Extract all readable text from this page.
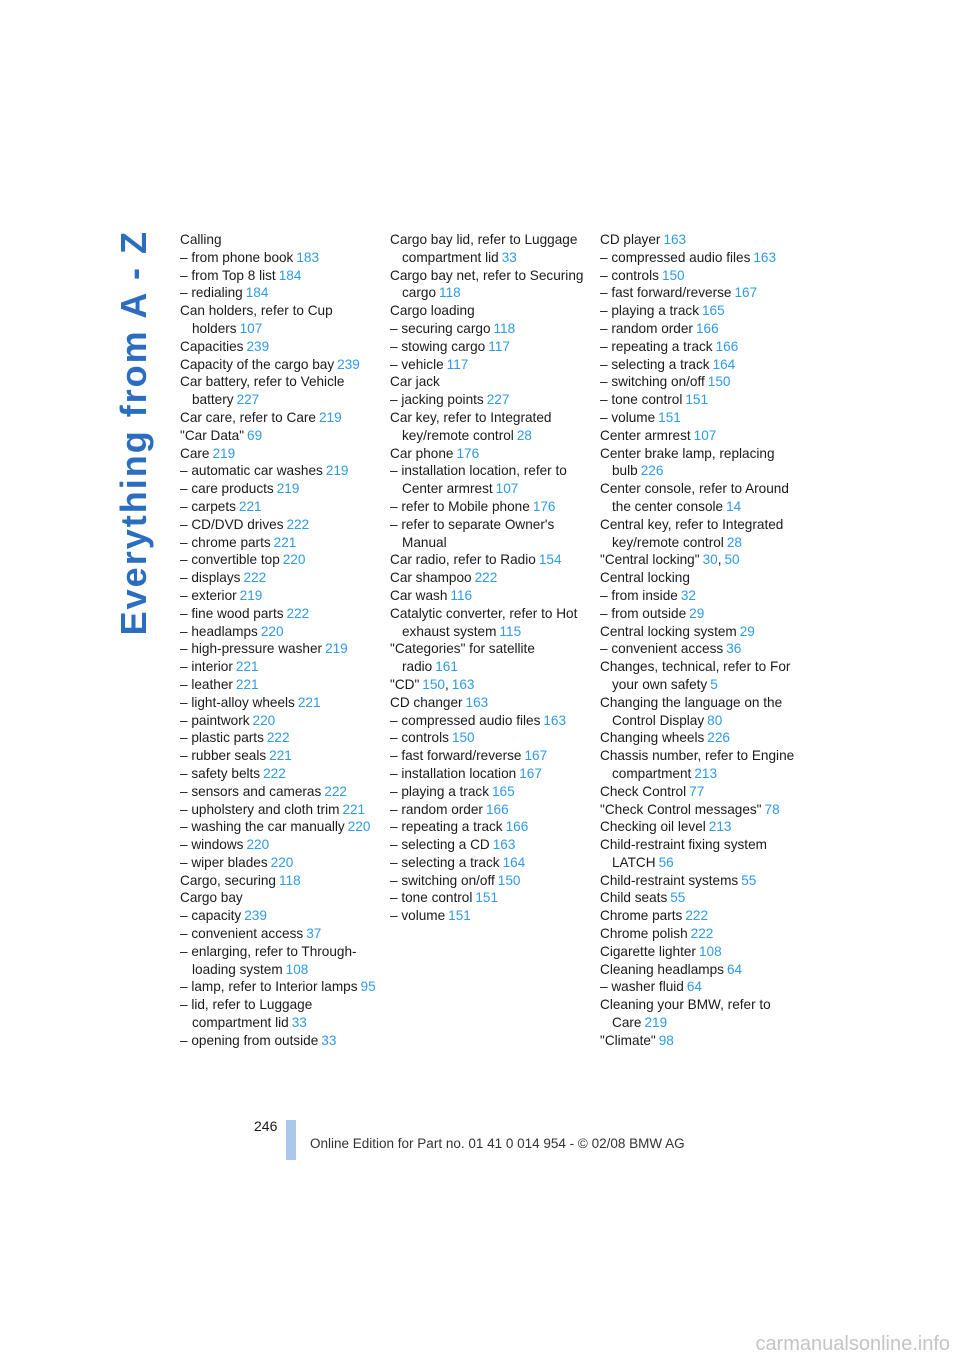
Everything from A - Z Calling
– from phone book 183
– from Top 8 list 184
– redialing 184
Can holders, refer to Cup holders 107
Capacities 239
Capacity of the cargo bay 239
Car battery, refer to Vehicle battery 227
Car care, refer to Care 219
"Car Data" 69
Care 219
– automatic car washes 219
– care products 219
– carpets 221
– CD/DVD drives 222
– chrome parts 221
– convertible top 220
– displays 222
– exterior 219
– fine wood parts 222
– headlamps 220
– high-pressure washer 219
– interior 221
– leather 221
– light-alloy wheels 221
– paintwork 220
– plastic parts 222
– rubber seals 221
– safety belts 222
– sensors and cameras 222
– upholstery and cloth trim 221
– washing the car manually 220
– windows 220
– wiper blades 220
Cargo, securing 118
Cargo bay
– capacity 239
– convenient access 37
– enlarging, refer to Through-loading system 108
– lamp, refer to Interior lamps 95
– lid, refer to Luggage compartment lid 33
– opening from outside 33
Cargo bay lid, refer to Luggage compartment lid 33
Cargo bay net, refer to Securing cargo 118
Cargo loading
– securing cargo 118
– stowing cargo 117
– vehicle 117
Car jack
– jacking points 227
Car key, refer to Integrated key/remote control 28
Car phone 176
– installation location, refer to Center armrest 107
– refer to Mobile phone 176
– refer to separate Owner's Manual
Car radio, refer to Radio 154
Car shampoo 222
Car wash 116
Catalytic converter, refer to Hot exhaust system 115
"Categories" for satellite radio 161
"CD" 150, 163
CD changer 163
– compressed audio files 163
– controls 150
– fast forward/reverse 167
– installation location 167
– playing a track 165
– random order 166
– repeating a track 166
– selecting a CD 163
– selecting a track 164
– switching on/off 150
– tone control 151
– volume 151
CD player 163
– compressed audio files 163
– controls 150
– fast forward/reverse 167
– playing a track 165
– random order 166
– repeating a track 166
– selecting a track 164
– switching on/off 150
– tone control 151
– volume 151
Center armrest 107
Center brake lamp, replacing bulb 226
Center console, refer to Around the center console 14
Central key, refer to Integrated key/remote control 28
"Central locking" 30, 50
Central locking
– from inside 32
– from outside 29
Central locking system 29
– convenient access 36
Changes, technical, refer to For your own safety 5
Changing the language on the Control Display 80
Changing wheels 226
Chassis number, refer to Engine compartment 213
Check Control 77
"Check Control messages" 78
Checking oil level 213
Child-restraint fixing system LATCH 56
Child-restraint systems 55
Child seats 55
Chrome parts 222
Chrome polish 222
Cigarette lighter 108
Cleaning headlamps 64
– washer fluid 64
Cleaning your BMW, refer to Care 219
"Climate" 98
246
Online Edition for Part no. 01 41 0 014 954 - © 02/08 BMW AG
carmanualsonline.info
